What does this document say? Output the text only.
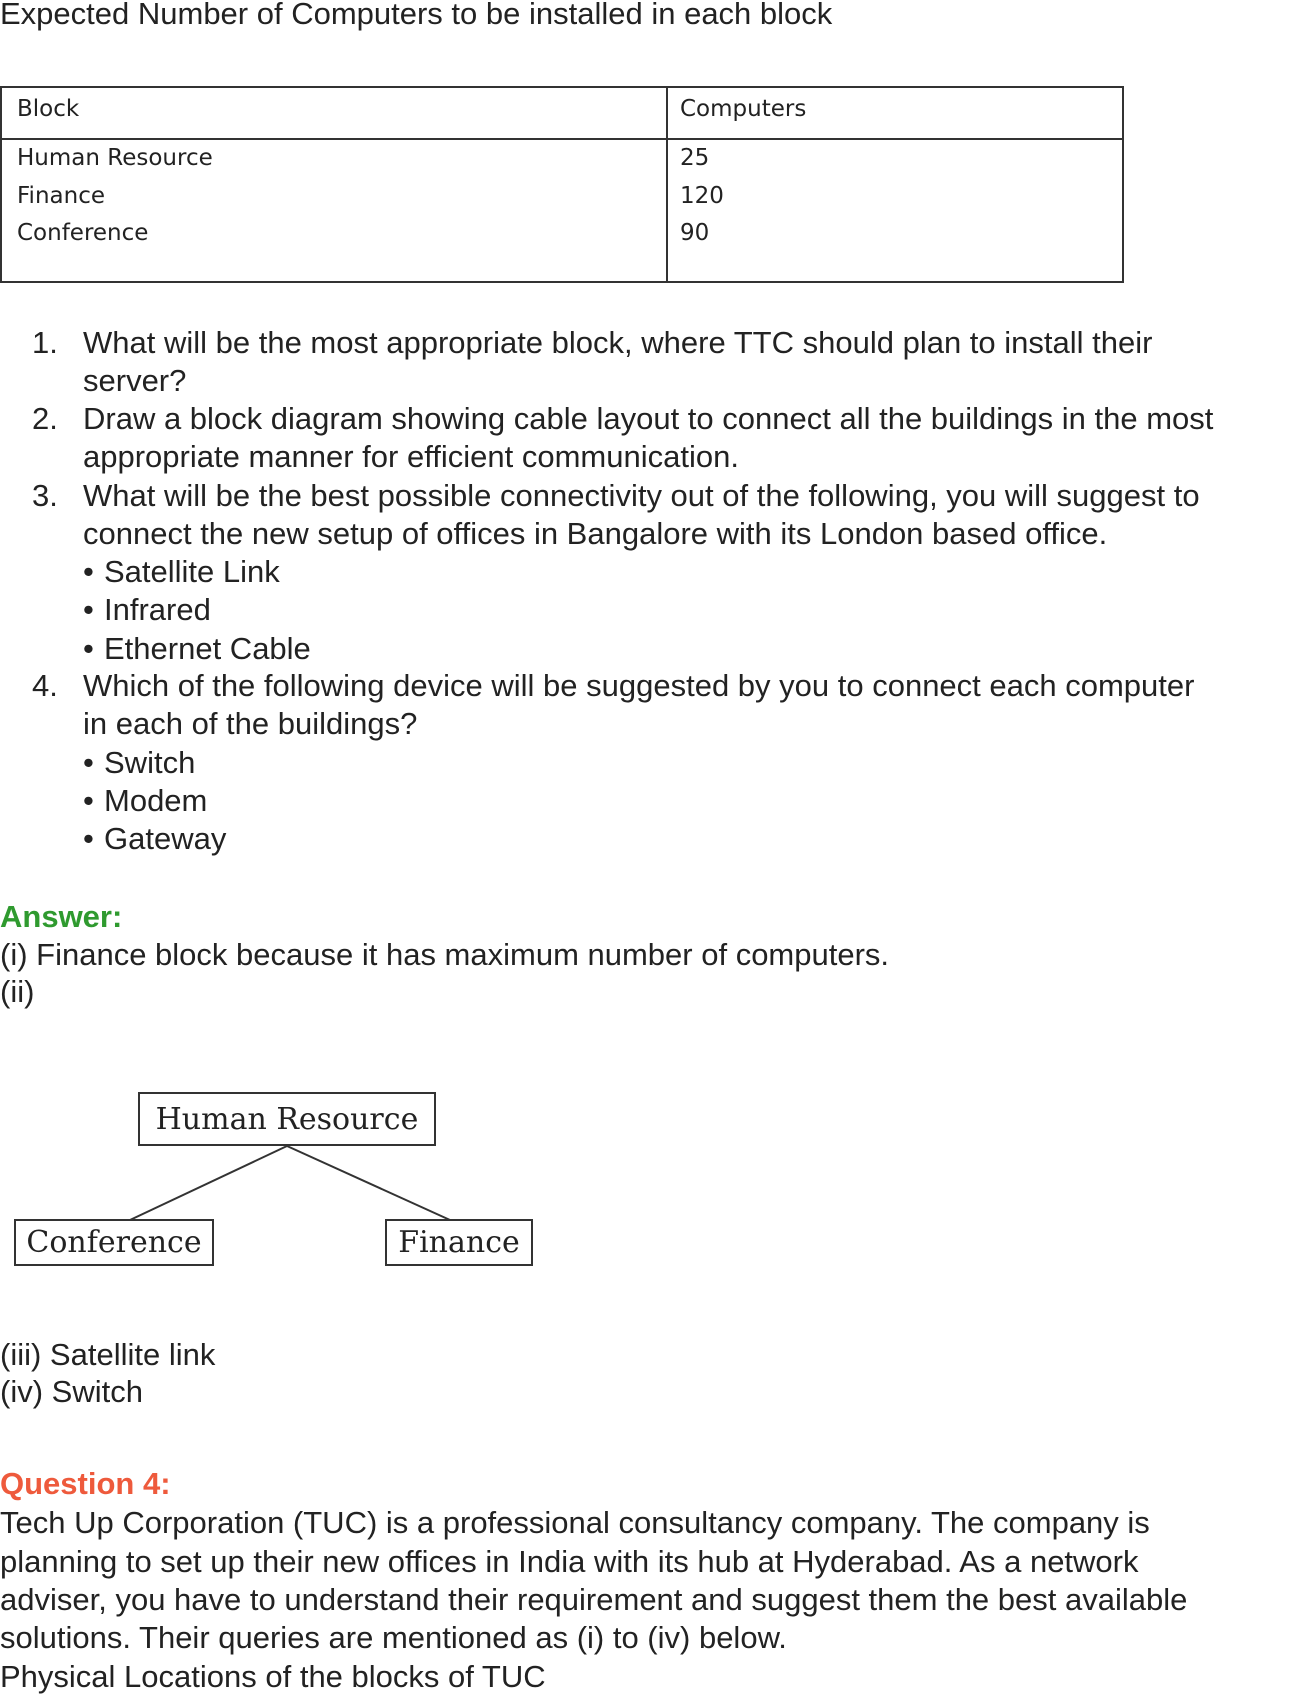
Expected Number of Computers to be installed in each block
Block	Computers
Human Resource	25
Finance	120
Conference	90
1. What will be the most appropriate block, where TTC should plan to install their
server?
2. Draw a block diagram showing cable layout to connect all the buildings in the most
appropriate manner for efficient communication.
3. What will be the best possible connectivity out of the following, you will suggest to
connect the new setup of offices in Bangalore with its London based office.
• Satellite Link
• Infrared
• Ethernet Cable
4. Which of the following device will be suggested by you to connect each computer
in each of the buildings?
• Switch
• Modem
• Gateway
Answer:
(i) Finance block because it has maximum number of computers.
(ii)
Human Resource
Conference	Finance
(iii) Satellite link
(iv) Switch
Question 4:
Tech Up Corporation (TUC) is a professional consultancy company. The company is
planning to set up their new offices in India with its hub at Hyderabad. As a network
adviser, you have to understand their requirement and suggest them the best available
solutions. Their queries are mentioned as (i) to (iv) below.
Physical Locations of the blocks of TUC
